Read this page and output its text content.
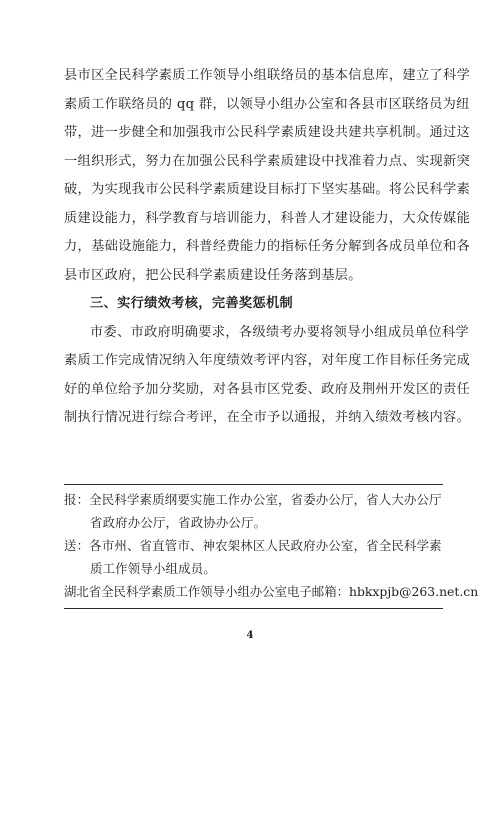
县市区全民科学素质工作领导小组联络员的基本信息库，建立了科学
素质工作联络员的 qq 群，以领导小组办公室和各县市区联络员为纽
带，进一步健全和加强我市公民科学素质建设共建共享机制。通过这
一组织形式，努力在加强公民科学素质建设中找准着力点、实现新突
破，为实现我市公民科学素质建设目标打下坚实基础。将公民科学素
质建设能力，科学教育与培训能力，科普人才建设能力，大众传媒能
力，基础设施能力，科普经费能力的指标任务分解到各成员单位和各
县市区政府，把公民科学素质建设任务落到基层。
三、实行绩效考核，完善奖惩机制
市委、市政府明确要求，各级绩考办要将领导小组成员单位科学
素质工作完成情况纳入年度绩效考评内容，对年度工作目标任务完成
好的单位给予加分奖励，对各县市区党委、政府及荆州开发区的责任
制执行情况进行综合考评，在全市予以通报，并纳入绩效考核内容。
报：全民科学素质纲要实施工作办公室，省委办公厅，省人大办公厅
省政府办公厅，省政协办公厅。
送：各市州、省直管市、神农架林区人民政府办公室，省全民科学素
质工作领导小组成员。
湖北省全民科学素质工作领导小组办公室 电子邮箱：hbkxpjb@263.net.cn
4
